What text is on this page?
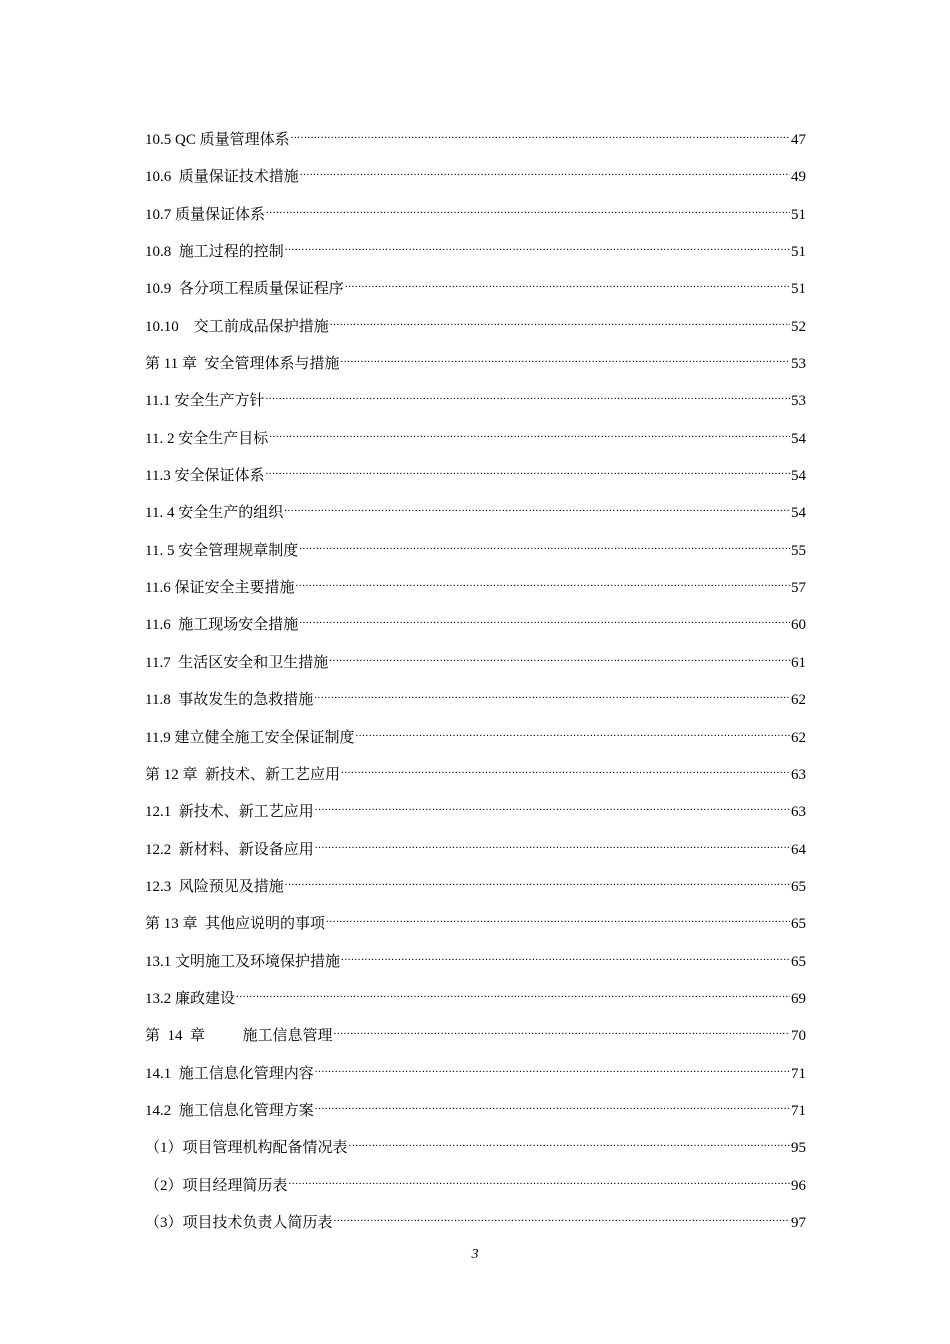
10.5 QC 质量管理体系 .....	47
10.6  质量保证技术措施 .....	49
10.7 质量保证体系 .....	51
10.8  施工过程的控制 .....	51
10.9  各分项工程质量保证程序 .....	51
10.10    交工前成品保护措施 .....	52
第 11 章  安全管理体系与措施 .....	53
11.1 安全生产方针 .....	53
11. 2 安全生产目标 .....	54
11.3 安全保证体系 .....	54
11. 4 安全生产的组织 .....	54
11. 5 安全管理规章制度 .....	55
11.6 保证安全主要措施 .....	57
11.6  施工现场安全措施 .....	60
11.7  生活区安全和卫生措施 .....	61
11.8  事故发生的急救措施 .....	62
11.9 建立健全施工安全保证制度 .....	62
第 12 章  新技术、新工艺应用 .....	63
12.1  新技术、新工艺应用 .....	63
12.2  新材料、新设备应用 .....	64
12.3  风险预见及措施 .....	65
第 13 章  其他应说明的事项 .....	65
13.1 文明施工及环境保护措施 .....	65
13.2 廉政建设 .....	69
第  14  章          施工信息管理 .....	70
14.1  施工信息化管理内容 .....	71
14.2  施工信息化管理方案 .....	71
（1）项目管理机构配备情况表 .....	95
（2）项目经理简历表 .....	96
（3）项目技术负责人简历表 .....	97
3
